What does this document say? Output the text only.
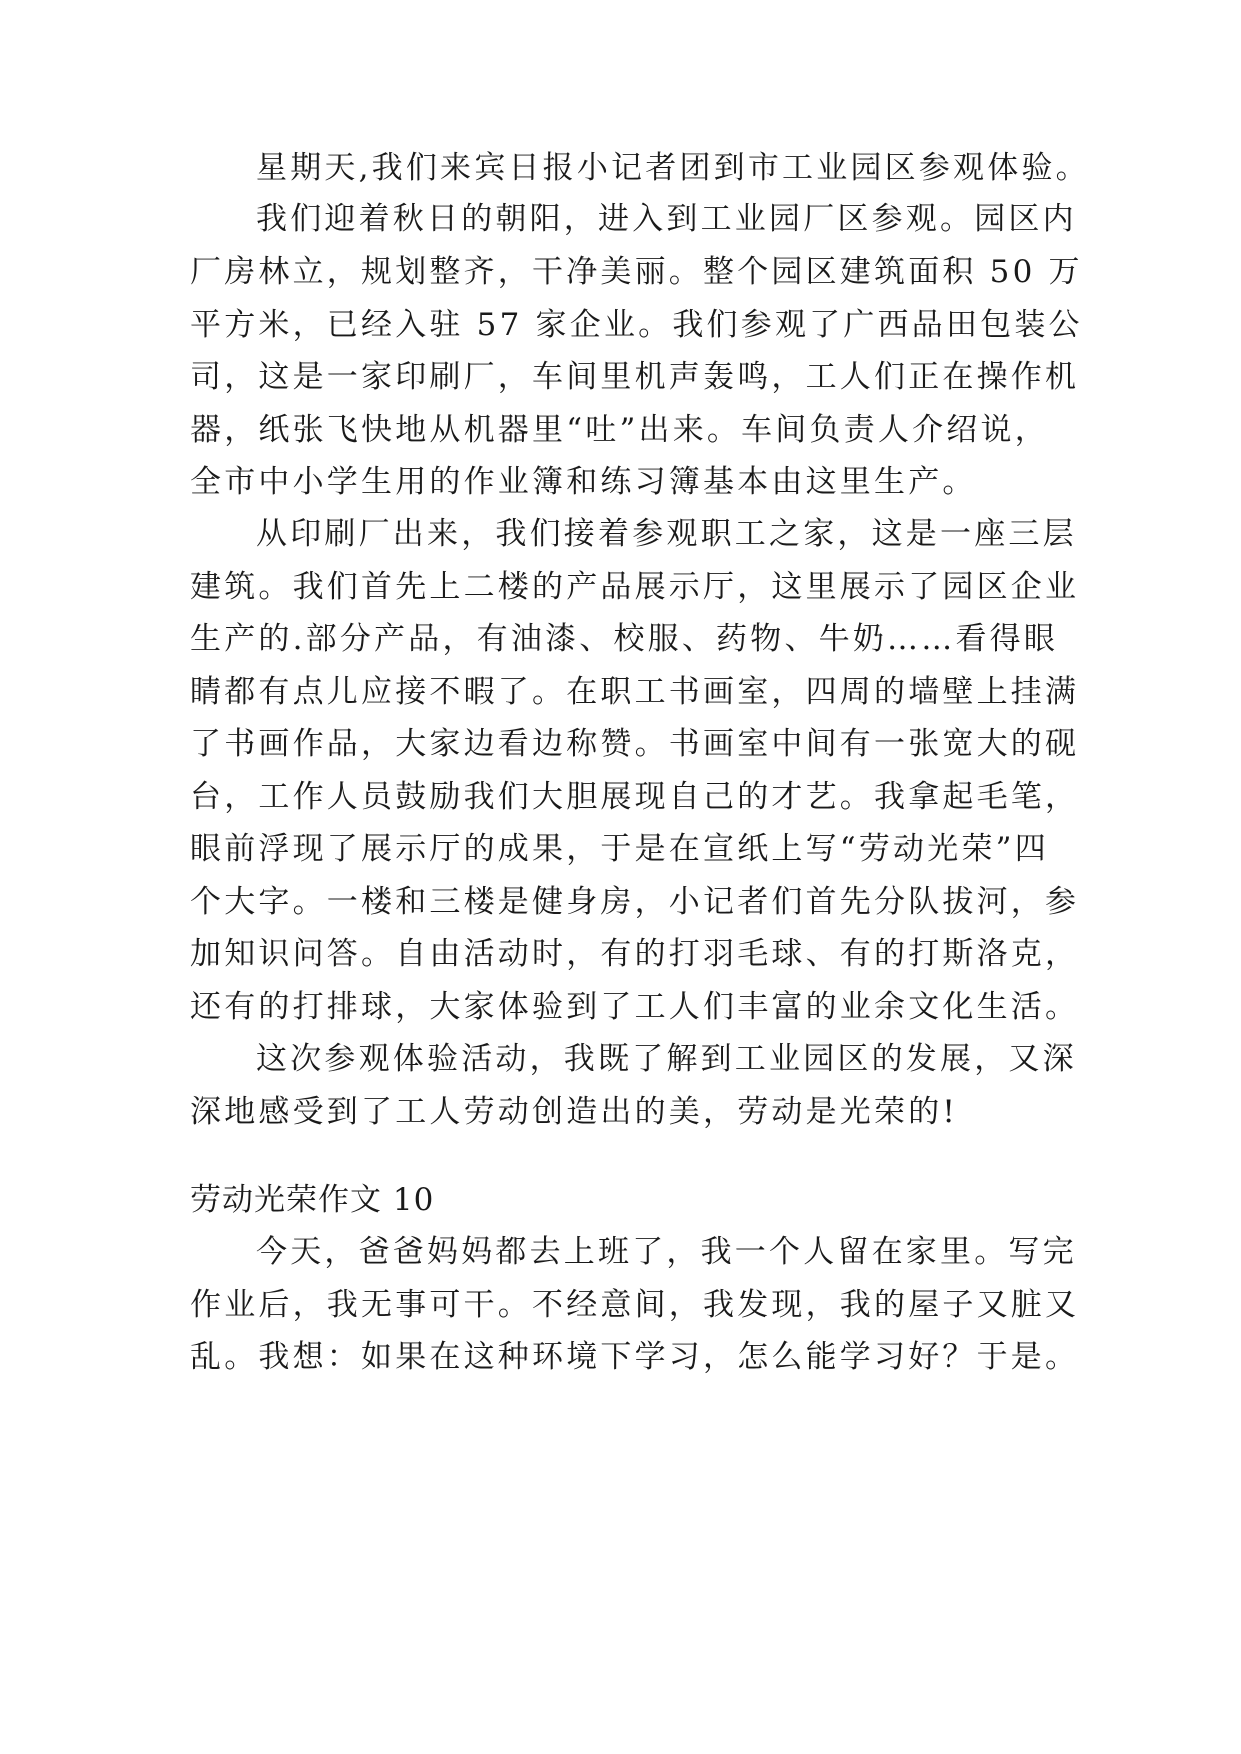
星期天,我们来宾日报小记者团到市工业园区参观体验。
我们迎着秋日的朝阳，进入到工业园厂区参观。园区内
厂房林立，规划整齐，干净美丽。整个园区建筑面积 50 万
平方米，已经入驻 57 家企业。我们参观了广西品田包装公
司，这是一家印刷厂，车间里机声轰鸣，工人们正在操作机
器，纸张飞快地从机器里“吐”出来。车间负责人介绍说，
全市中小学生用的作业簿和练习簿基本由这里生产。
从印刷厂出来，我们接着参观职工之家，这是一座三层
建筑。我们首先上二楼的产品展示厅，这里展示了园区企业
生产的.部分产品，有油漆、校服、药物、牛奶……看得眼
睛都有点儿应接不暇了。在职工书画室，四周的墙壁上挂满
了书画作品，大家边看边称赞。书画室中间有一张宽大的砚
台，工作人员鼓励我们大胆展现自己的才艺。我拿起毛笔，
眼前浮现了展示厅的成果，于是在宣纸上写“劳动光荣”四
个大字。一楼和三楼是健身房，小记者们首先分队拔河，参
加知识问答。自由活动时，有的打羽毛球、有的打斯洛克，
还有的打排球，大家体验到了工人们丰富的业余文化生活。
这次参观体验活动，我既了解到工业园区的发展，又深
深地感受到了工人劳动创造出的美，劳动是光荣的!
劳动光荣作文 10
今天，爸爸妈妈都去上班了，我一个人留在家里。写完
作业后，我无事可干。不经意间，我发现，我的屋子又脏又
乱。我想：如果在这种环境下学习，怎么能学习好？于是。
